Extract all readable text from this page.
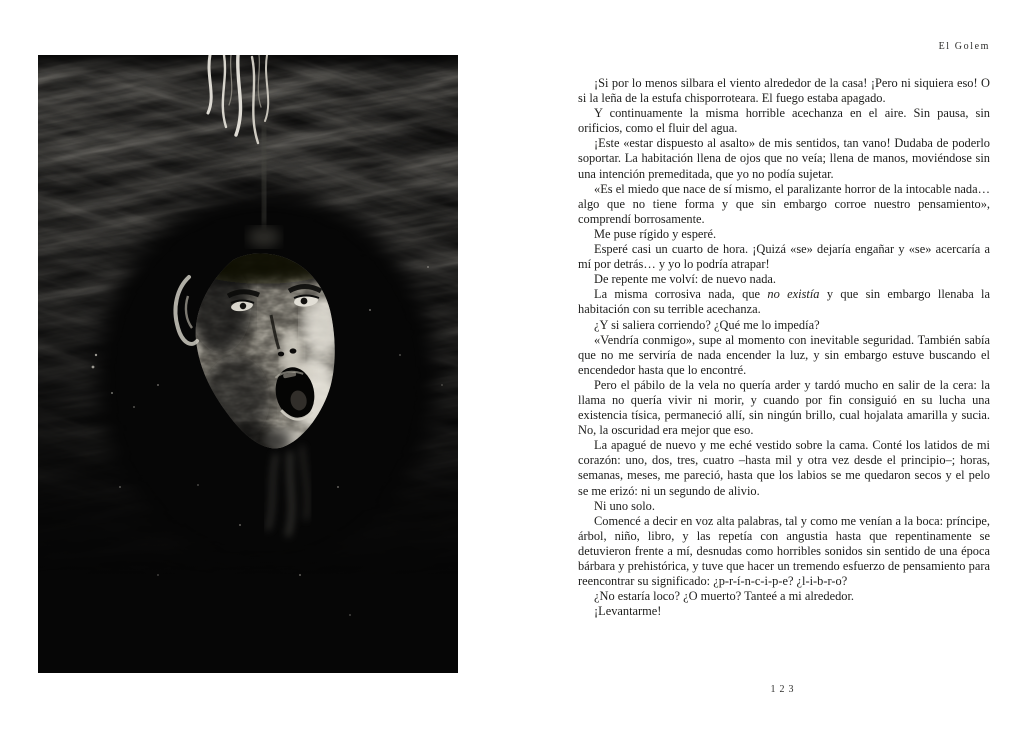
El Golem

¡Si por lo menos silbara el viento alrededor de la casa! ¡Pero ni siquiera eso! O si la leña de la estufa chisporroteara. El fuego estaba apagado.

Y continuamente la misma horrible acechanza en el aire. Sin pausa, sin orificios, como el fluir del agua.

¡Este «estar dispuesto al asalto» de mis sentidos, tan vano! Dudaba de poderlo soportar. La habitación llena de ojos que no veía; llena de manos, moviéndose sin una intención premeditada, que yo no podía sujetar.

«Es el miedo que nace de sí mismo, el paralizante horror de la intocable nada… algo que no tiene forma y que sin embargo corroe nuestro pensamiento», comprendí borrosamente.

Me puse rígido y esperé.

Esperé casi un cuarto de hora. ¡Quizá «se» dejaría engañar y «se» acercaría a mí por detrás… y yo lo podría atrapar!

De repente me volví: de nuevo nada.

La misma corrosiva nada, que no existía y que sin embargo llenaba la habitación con su terrible acechanza.

¿Y si saliera corriendo? ¿Qué me lo impedía?

«Vendría conmigo», supe al momento con inevitable seguridad. También sabía que no me serviría de nada encender la luz, y sin embargo estuve buscando el encendedor hasta que lo encontré.

Pero el pábilo de la vela no quería arder y tardó mucho en salir de la cera: la llama no quería vivir ni morir, y cuando por fin consiguió en su lucha una existencia tísica, permaneció allí, sin ningún brillo, cual hojalata amarilla y sucia. No, la oscuridad era mejor que eso.

La apagué de nuevo y me eché vestido sobre la cama. Conté los latidos de mi corazón: uno, dos, tres, cuatro –hasta mil y otra vez desde el principio–; horas, semanas, meses, me pareció, hasta que los labios se me quedaron secos y el pelo se me erizó: ni un segundo de alivio.

Ni uno solo.

Comencé a decir en voz alta palabras, tal y como me venían a la boca: príncipe, árbol, niño, libro, y las repetía con angustia hasta que repentinamente se detuvieron frente a mí, desnudas como horribles sonidos sin sentido de una época bárbara y prehistórica, y tuve que hacer un tremendo esfuerzo de pensamiento para reencontrar su significado: ¿p-r-í-n-c-i-p-e? ¿l-i-b-r-o?

¿No estaría loco? ¿O muerto? Tanteé a mi alrededor.

¡Levantarme!

123
